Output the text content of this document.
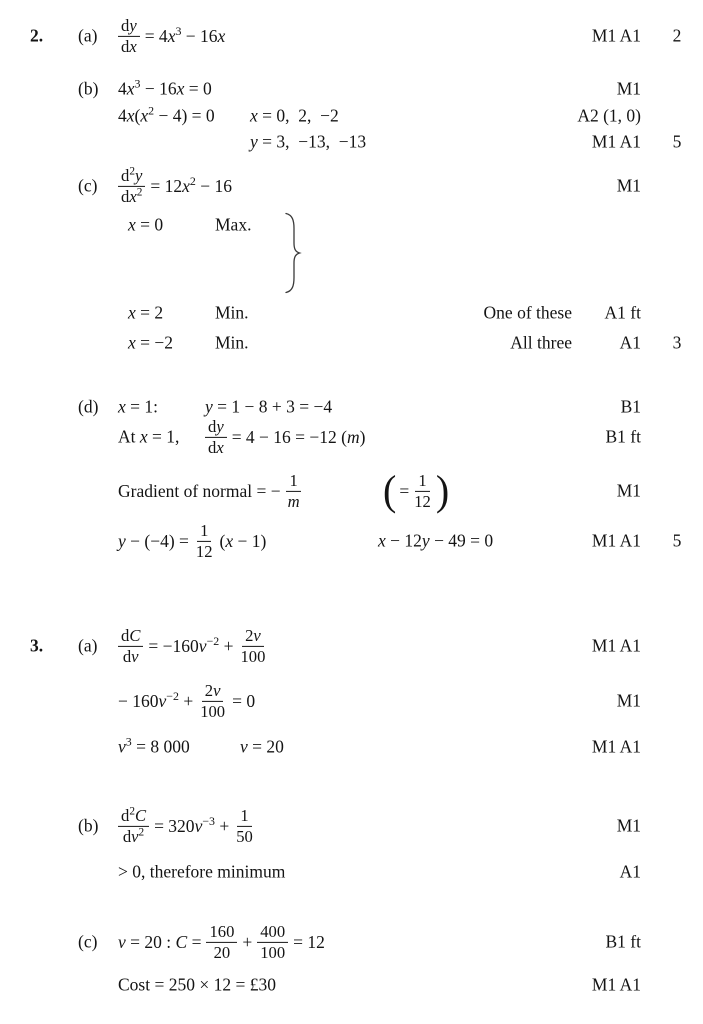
2. $(a) \frac{dy}{dx} = 4x^3 - 16x$	M1 A1	2
(b) $4x^3 - 16x = 0$	M1
$4x(x^2 - 4) = 0$ x = 0, 2, −2	A2 (1, 0)
y = 3, −13, −13	M1 A1	5
$(c) \frac{d^2y}{dx^2} = 12x^2 - 16$	M1
x = 0	Max.
x = 2	Min.	One of these A1 ft
x = −2 Min.	All three	A1	3
(d) x = 1:	y = 1 − 8 + 3 = −4	B1
At x = 1, $\frac{dy}{dx} = 4 - 16 = -12$ (m)	B1 ft
Gradient of normal = − $\frac{1}{m}$ ( = $\frac{1}{12}$ )	M1
$y - (-4) = \frac{1}{12} (x - 1)$	x − 12y − 49 = 0	M1 A1	5
3. $(a) \frac{dC}{dv} = -160v^{-2} + \frac{2v}{100}$	M1 A1
− $160v^{-2} + \frac{2v}{100} = 0$	M1
$v^3 = 8$ 000	v = 20	M1 A1
$(b) \frac{d^2C}{dv^2} = 320v^{-3} + \frac{1}{50}$	M1
> 0, therefore minimum	A1
(c) v = 20 : $C = \frac{160}{20} + \frac{400}{100} = 12$	B1 ft
Cost = 250 × 12 = £30	M1 A1
